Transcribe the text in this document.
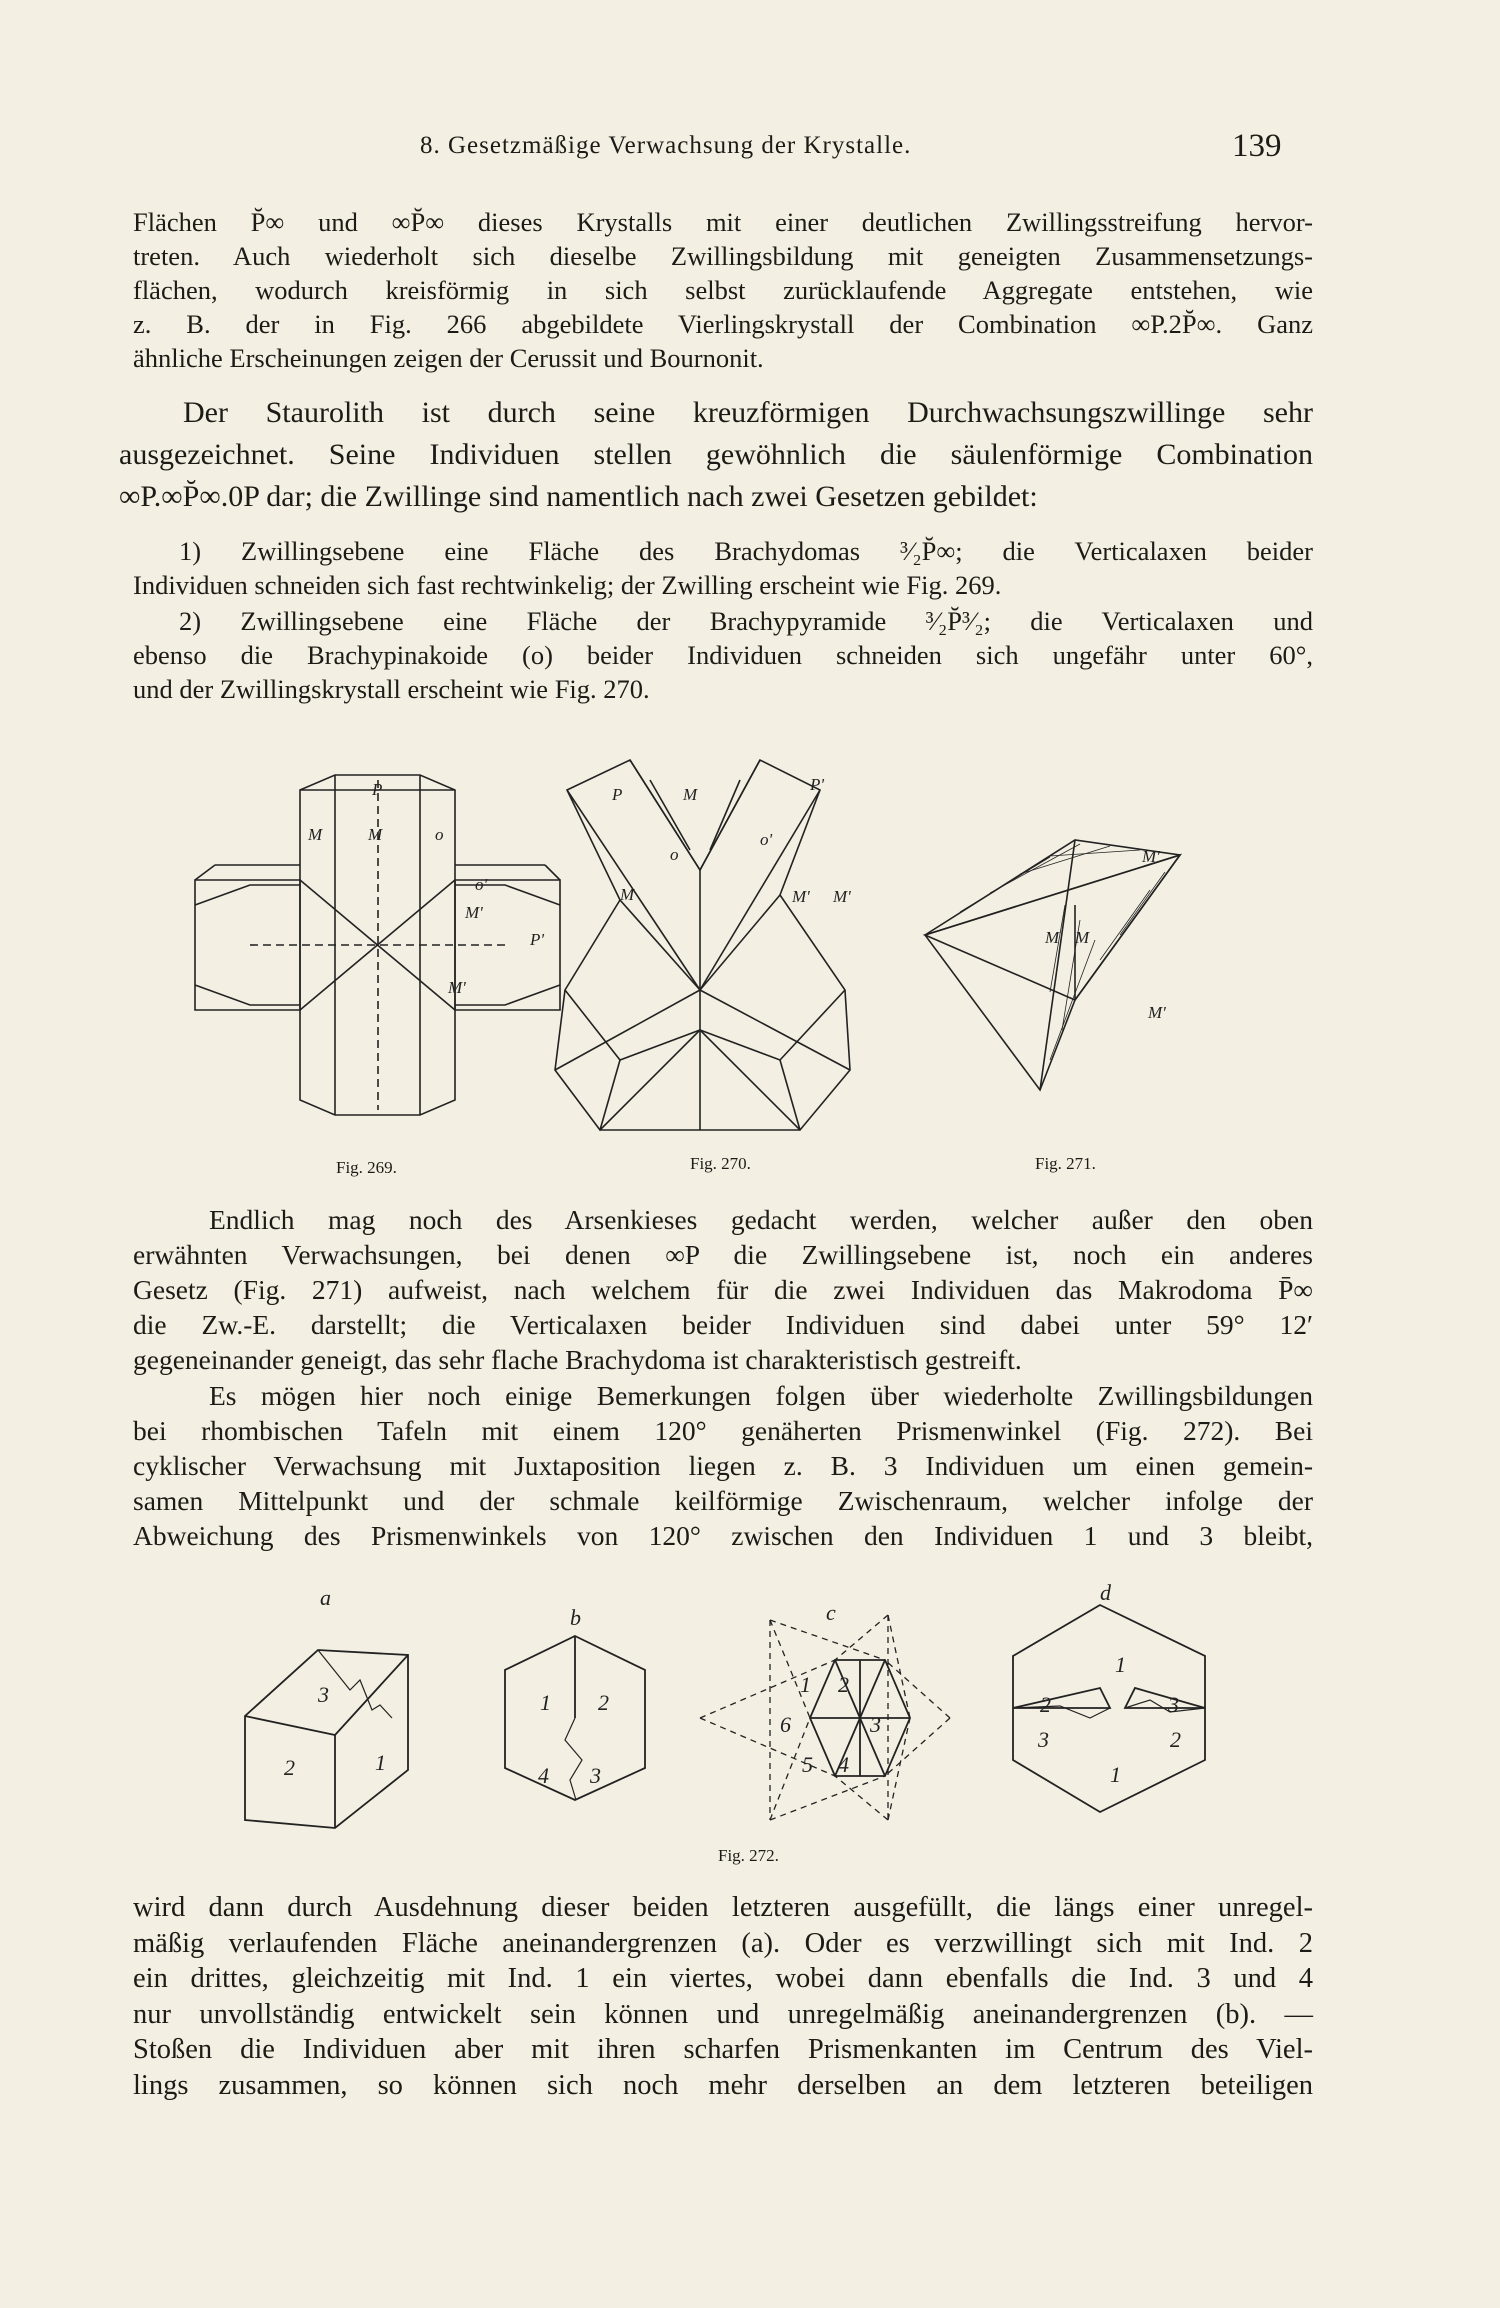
8. Gesetzmäßige Verwachsung der Krystalle.	139
Flächen P̆∞ und ∞P̆∞ dieses Krystalls mit einer deutlichen Zwillingsstreifung hervor-
treten. Auch wiederholt sich dieselbe Zwillingsbildung mit geneigten Zusammensetzungs-
flächen, wodurch kreisförmig in sich selbst zurücklaufende Aggregate entstehen, wie
z. B. der in Fig. 266 abgebildete Vierlingskrystall der Combination ∞P.2P̆∞. Ganz
ähnliche Erscheinungen zeigen der Cerussit und Bournonit.
Der Staurolith ist durch seine kreuzförmigen Durchwachsungszwillinge sehr
ausgezeichnet. Seine Individuen stellen gewöhnlich die säulenförmige Combination
∞P.∞P̆∞.0P dar; die Zwillinge sind namentlich nach zwei Gesetzen gebildet:
1) Zwillingsebene eine Fläche des Brachydomas ³⁄₂P̆∞; die Verticalaxen beider
Individuen schneiden sich fast rechtwinkelig; der Zwilling erscheint wie Fig. 269.
2) Zwillingsebene eine Fläche der Brachypyramide ³⁄₂P̆³⁄₂; die Verticalaxen und
ebenso die Brachypinakoide (o) beider Individuen schneiden sich ungefähr unter 60°,
und der Zwillingskrystall erscheint wie Fig. 270.
P
M	M	o
o'
M'
P'
M'
P	M
o
M
P'
o'
M' M'
M'
M M
M'
Fig. 269.	Fig. 270.	Fig. 271.
Endlich mag noch des Arsenkieses gedacht werden, welcher außer den oben
erwähnten Verwachsungen, bei denen ∞P die Zwillingsebene ist, noch ein anderes
Gesetz (Fig. 271) aufweist, nach welchem für die zwei Individuen das Makrodoma P̄∞
die Zw.-E. darstellt; die Verticalaxen beider Individuen sind dabei unter 59° 12′
gegeneinander geneigt, das sehr flache Brachydoma ist charakteristisch gestreift.
Es mögen hier noch einige Bemerkungen folgen über wiederholte Zwillingsbildungen
bei rhombischen Tafeln mit einem 120° genäherten Prismenwinkel (Fig. 272). Bei
cyklischer Verwachsung mit Juxtaposition liegen z. B. 3 Individuen um einen gemein-
samen Mittelpunkt und der schmale keilförmige Zwischenraum, welcher infolge der
Abweichung des Prismenwinkels von 120° zwischen den Individuen 1 und 3 bleibt,
a
b	c
d
3
2	1
1 2
4 3
1 2
6	3
5 4
1
2
3
3
2
1
Fig. 272.
wird dann durch Ausdehnung dieser beiden letzteren ausgefüllt, die längs einer unregel-
mäßig verlaufenden Fläche aneinandergrenzen (a). Oder es verzwillingt sich mit Ind. 2
ein drittes, gleichzeitig mit Ind. 1 ein viertes, wobei dann ebenfalls die Ind. 3 und 4
nur unvollständig entwickelt sein können und unregelmäßig aneinandergrenzen (b). —
Stoßen die Individuen aber mit ihren scharfen Prismenkanten im Centrum des Viel-
lings zusammen, so können sich noch mehr derselben an dem letzteren beteiligen
